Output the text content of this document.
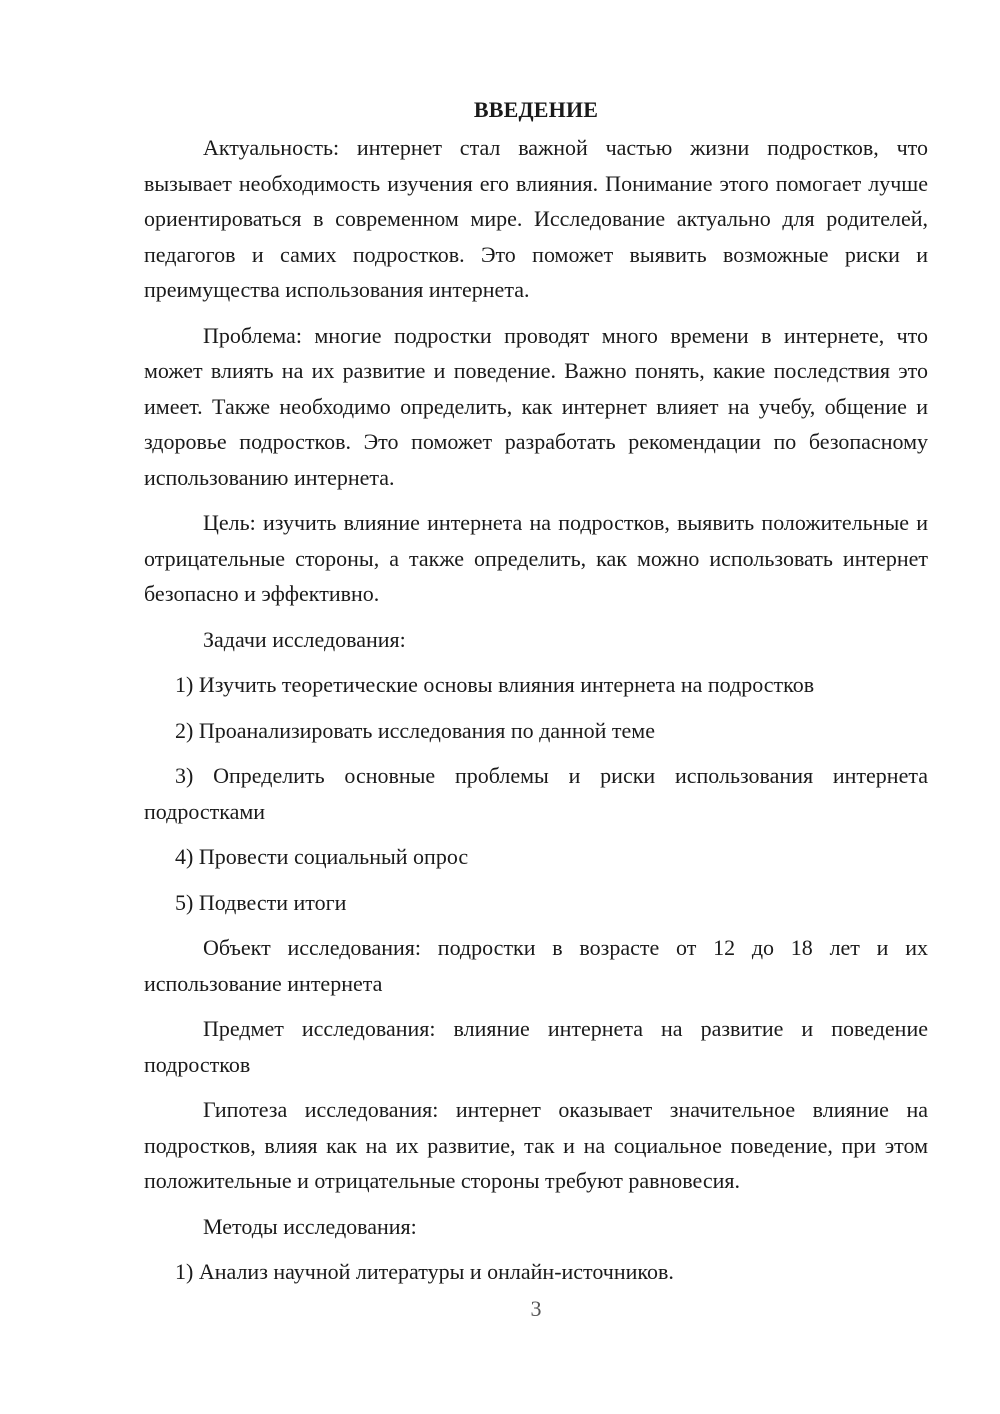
ВВЕДЕНИЕ

Актуальность: интернет стал важной частью жизни подростков, что вызывает необходимость изучения его влияния. Понимание этого помогает лучше ориентироваться в современном мире. Исследование актуально для родителей, педагогов и самих подростков. Это поможет выявить возможные риски и преимущества использования интернета.

Проблема: многие подростки проводят много времени в интернете, что может влиять на их развитие и поведение. Важно понять, какие последствия это имеет. Также необходимо определить, как интернет влияет на учебу, общение и здоровье подростков. Это поможет разработать рекомендации по безопасному использованию интернета.

Цель: изучить влияние интернета на подростков, выявить положительные и отрицательные стороны, а также определить, как можно использовать интернет безопасно и эффективно.

Задачи исследования:

1) Изучить теоретические основы влияния интернета на подростков

2) Проанализировать исследования по данной теме

3) Определить основные проблемы и риски использования интернета подростками

4) Провести социальный опрос

5) Подвести итоги

Объект исследования: подростки в возрасте от 12 до 18 лет и их использование интернета

Предмет исследования: влияние интернета на развитие и поведение подростков

Гипотеза исследования: интернет оказывает значительное влияние на подростков, влияя как на их развитие, так и на социальное поведение, при этом положительные и отрицательные стороны требуют равновесия.

Методы исследования:

1) Анализ научной литературы и онлайн-источников.

3
